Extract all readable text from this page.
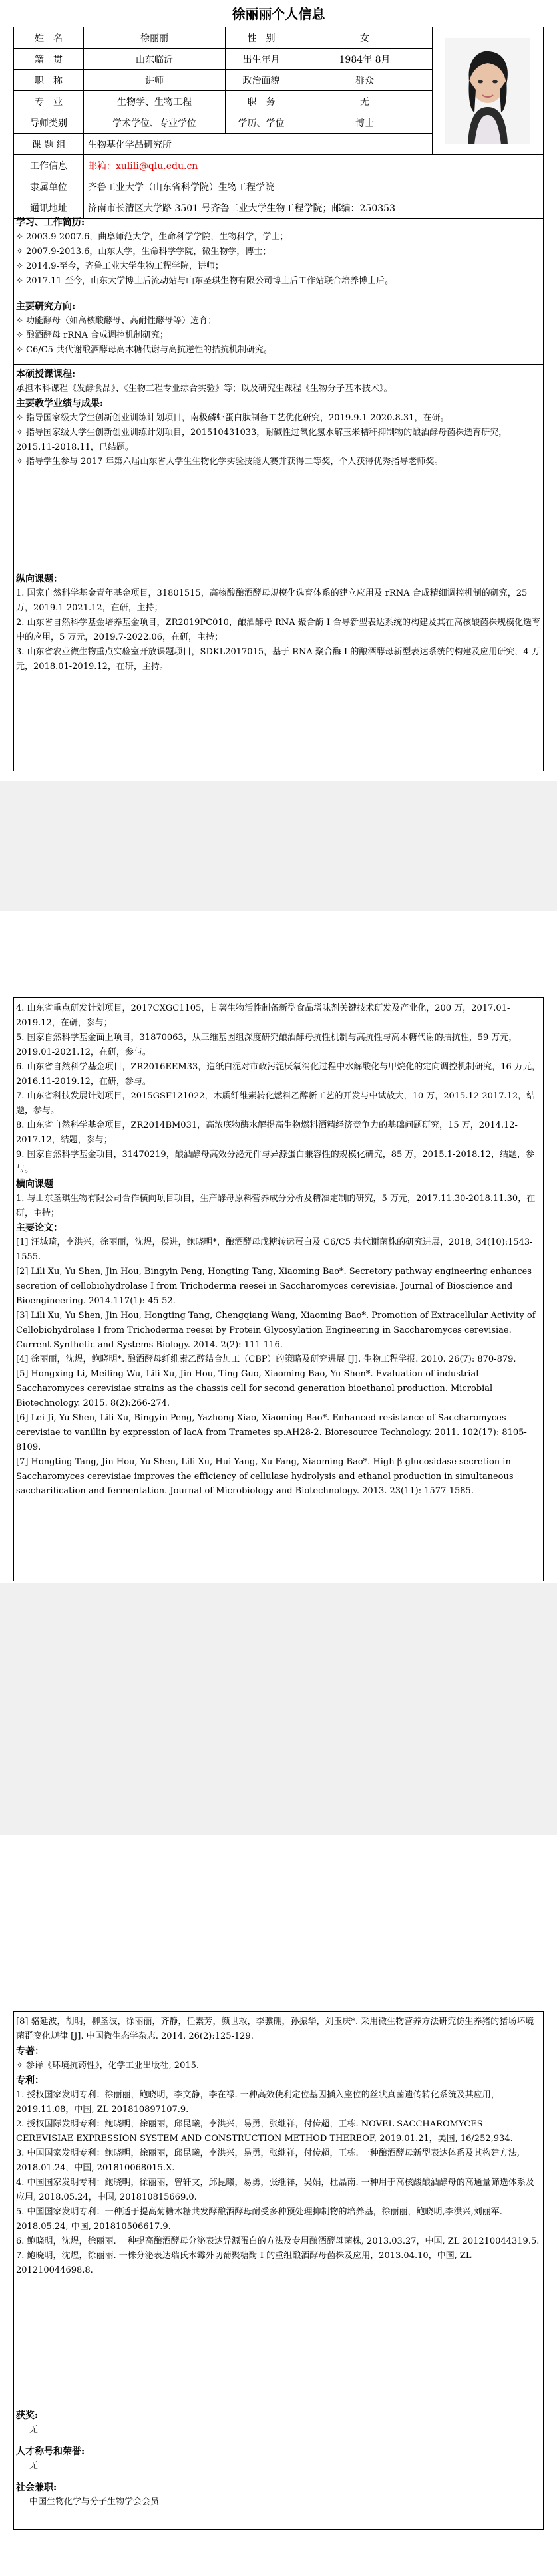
徐丽丽个人信息
姓　名	徐丽丽	性　别	女	

籍　贯	山东临沂	出生年月	1984年 8月	
职　称	讲师	政治面貌	群众	
专　业	生物学、生物工程	职　务	无	
导师类别	学术学位、专业学位	学历、学位	博士	
课 题 组	生物基化学品研究所			
工作信息	邮箱：xulili@qlu.edu.cn			
隶属单位	齐鲁工业大学（山东省科学院）生物工程学院			
通讯地址	济南市长清区大学路 3501 号齐鲁工业大学生物工程学院；邮编：250353			
学习、工作简历:
✧ 2003.9-2007.6，曲阜师范大学，生命科学学院，生物科学，学士；
✧ 2007.9-2013.6，山东大学，生命科学学院，微生物学，博士；
✧ 2014.9-至今，齐鲁工业大学生物工程学院，讲师；
✧ 2017.11-至今，山东大学博士后流动站与山东圣琪生物有限公司博士后工作站联合培养博士后。
主要研究方向:
✧ 功能酵母（如高核酸酵母、高耐性酵母等）选育；
✧ 酿酒酵母 rRNA 合成调控机制研究；
✧ C6/C5 共代谢酿酒酵母高木糖代谢与高抗逆性的拮抗机制研究。
本硕授课课程:
承担本科课程《发酵食品》、《生物工程专业综合实验》等；以及研究生课程《生物分子基本技术》。
主要教学业绩与成果:
✧ 指导国家级大学生创新创业训练计划项目，南极磷虾蛋白肽制备工艺优化研究，2019.9.1-2020.8.31，在研。
✧ 指导国家级大学生创新创业训练计划项目，201510431033，耐碱性过氧化氢水解玉米秸秆抑制物的酿酒酵母菌株选育研究，2015.11-2018.11，已结题。
✧ 指导学生参与 2017 年第六届山东省大学生生物化学实验技能大赛并获得二等奖，个人获得优秀指导老师奖。
纵向课题：
1. 国家自然科学基金青年基金项目，31801515，高核酸酿酒酵母规模化选育体系的建立应用及 rRNA 合成精细调控机制的研究，25 万，2019.1-2021.12，在研，主持；
2. 山东省自然科学基金培养基金项目，ZR2019PC010，酿酒酵母 RNA 聚合酶 I 合导新型表达系统的构建及其在高核酸菌株规模化选育中的应用，5 万元，2019.7-2022.06，在研，主持；
3. 山东省农业微生物重点实验室开放课题项目，SDKL2017015，基于 RNA 聚合酶 I 的酿酒酵母新型表达系统的构建及应用研究，4 万元，2018.01-2019.12，在研，主持。
4. 山东省重点研发计划项目，2017CXGC1105，甘薯生物活性制备新型食品增味剂关键技术研发及产业化，200 万，2017.01-2019.12，在研，参与；
5. 国家自然科学基金面上项目，31870063，从三维基因组深度研究酿酒酵母抗性机制与高抗性与高木糖代谢的拮抗性，59 万元，2019.01-2021.12，在研，参与。
6. 山东省自然科学基金项目，ZR2016EEM33，造纸白泥对市政污泥厌氧消化过程中水解酸化与甲烷化的定向调控机制研究，16 万元，2016.11-2019.12，在研，参与。
7. 山东省科技发展计划项目，2015GSF121022，木质纤维素转化燃料乙醇新工艺的开发与中试放大，10 万，2015.12-2017.12，结题，参与。
8. 山东省自然科学基金项目，ZR2014BM031，高浓底物酶水解提高生物燃料酒精经济竞争力的基础问题研究，15 万，2014.12-2017.12，结题，参与；
9. 国家自然科学基金项目，31470219，酿酒酵母高效分泌元件与异源蛋白兼容性的规模化研究，85 万，2015.1-2018.12，结题，参与。
横向课题
1. 与山东圣琪生物有限公司合作横向项目项目，生产酵母原料营养成分分析及精准定制的研究，5 万元，2017.11.30-2018.11.30，在研，主持；
主要论文：
[1] 汪城琦，李洪兴，徐丽丽，沈煜，侯进，鲍晓明*，酿酒酵母戊糖转运蛋白及 C6/C5 共代谢菌株的研究进展，2018, 34(10):1543-1555.
[2] Lili Xu, Yu Shen, Jin Hou, Bingyin Peng, Hongting Tang, Xiaoming Bao*. Secretory pathway engineering enhances secretion of cellobiohydrolase I from Trichoderma reesei in Saccharomyces cerevisiae. Journal of Bioscience and Bioengineering. 2014.117(1): 45-52.
[3] Lili Xu, Yu Shen, Jin Hou, Hongting Tang, Chengqiang Wang, Xiaoming Bao*. Promotion of Extracellular Activity of Cellobiohydrolase I from Trichoderma reesei by Protein Glycosylation Engineering in Saccharomyces cerevisiae. Current Synthetic and Systems Biology. 2014. 2(2): 111-116.
[4] 徐丽丽，沈煜，鲍晓明*. 酿酒酵母纤维素乙醇结合加工（CBP）的策略及研究进展 [J]. 生物工程学报. 2010. 26(7): 870-879.
[5] Hongxing Li, Meiling Wu, Lili Xu, Jin Hou, Ting Guo, Xiaoming Bao, Yu Shen*. Evaluation of industrial Saccharomyces cerevisiae strains as the chassis cell for second generation bioethanol production. Microbial Biotechnology. 2015. 8(2):266-274.
[6] Lei Ji, Yu Shen, Lili Xu, Bingyin Peng, Yazhong Xiao, Xiaoming Bao*. Enhanced resistance of Saccharomyces cerevisiae to vanillin by expression of lacA from Trametes sp.AH28-2. Bioresource Technology. 2011. 102(17): 8105-8109.
[7] Hongting Tang, Jin Hou, Yu Shen, Lili Xu, Hui Yang, Xu Fang, Xiaoming Bao*. High β-glucosidase secretion in Saccharomyces cerevisiae improves the efficiency of cellulase hydrolysis and ethanol production in simultaneous saccharification and fermentation. Journal of Microbiology and Biotechnology. 2013. 23(11): 1577-1585.
[8] 骆延波，胡明，柳圣波，徐丽丽，齐静，任素芳，颜世敢，李骥硼，孙振华，刘玉庆*. 采用微生物营养方法研究仿生养猪的猪场坏境菌群变化规律 [J]. 中国微生态学杂志. 2014. 26(2):125-129.
专著：
✧ 参译《环境抗药性》，化学工业出版社, 2015.
专利：
1. 授权国家发明专利：徐丽丽，鲍晓明，李文静，李在禄. 一种高效使利定位基因插入座位的丝状真菌遗传转化系统及其应用，2019.11.08，中国, ZL 201810897107.9.
2. 授权国际发明专利：鲍晓明，徐丽丽，邱昆曦，李洪兴，易勇，张继祥，付传超，王栋. NOVEL SACCHAROMYCES CEREVISIAE EXPRESSION SYSTEM AND CONSTRUCTION METHOD THEREOF, 2019.01.21，美国, 16/252,934.
3. 中国国家发明专利：鲍晓明，徐丽丽，邱昆曦，李洪兴，易勇，张继祥，付传超，王栋. 一种酿酒酵母新型表达体系及其构建方法, 2018.01.24，中国, 201810068015.X.
4. 中国国家发明专利：鲍晓明，徐丽丽，曾轩文，邱昆曦，易勇，张继祥，吴娟，杜晶南. 一种用于高核酸酿酒酵母的高通量筛选体系及应用, 2018.05.24，中国, 201810815669.0.
5. 中国国家发明专利：一种适于提高菊糖木糖共发酵酿酒酵母耐受多种预处理抑制物的培养基，徐丽丽，鲍晓明,李洪兴,刘丽军. 2018.05.24, 中国, 201810506617.9.
6. 鲍晓明，沈煜，徐丽丽. 一种提高酿酒酵母分泌表达异源蛋白的方法及专用酿酒酵母菌株, 2013.03.27，中国, ZL 201210044319.5.
7. 鲍晓明，沈煜，徐丽丽. 一株分泌表达瑞氏木霉外切葡聚糖酶 I 的重组酿酒酵母菌株及应用，2013.04.10，中国, ZL 201210044698.8.
获奖:
无
人才称号和荣誉:
无
社会兼职:
中国生物化学与分子生物学会会员
